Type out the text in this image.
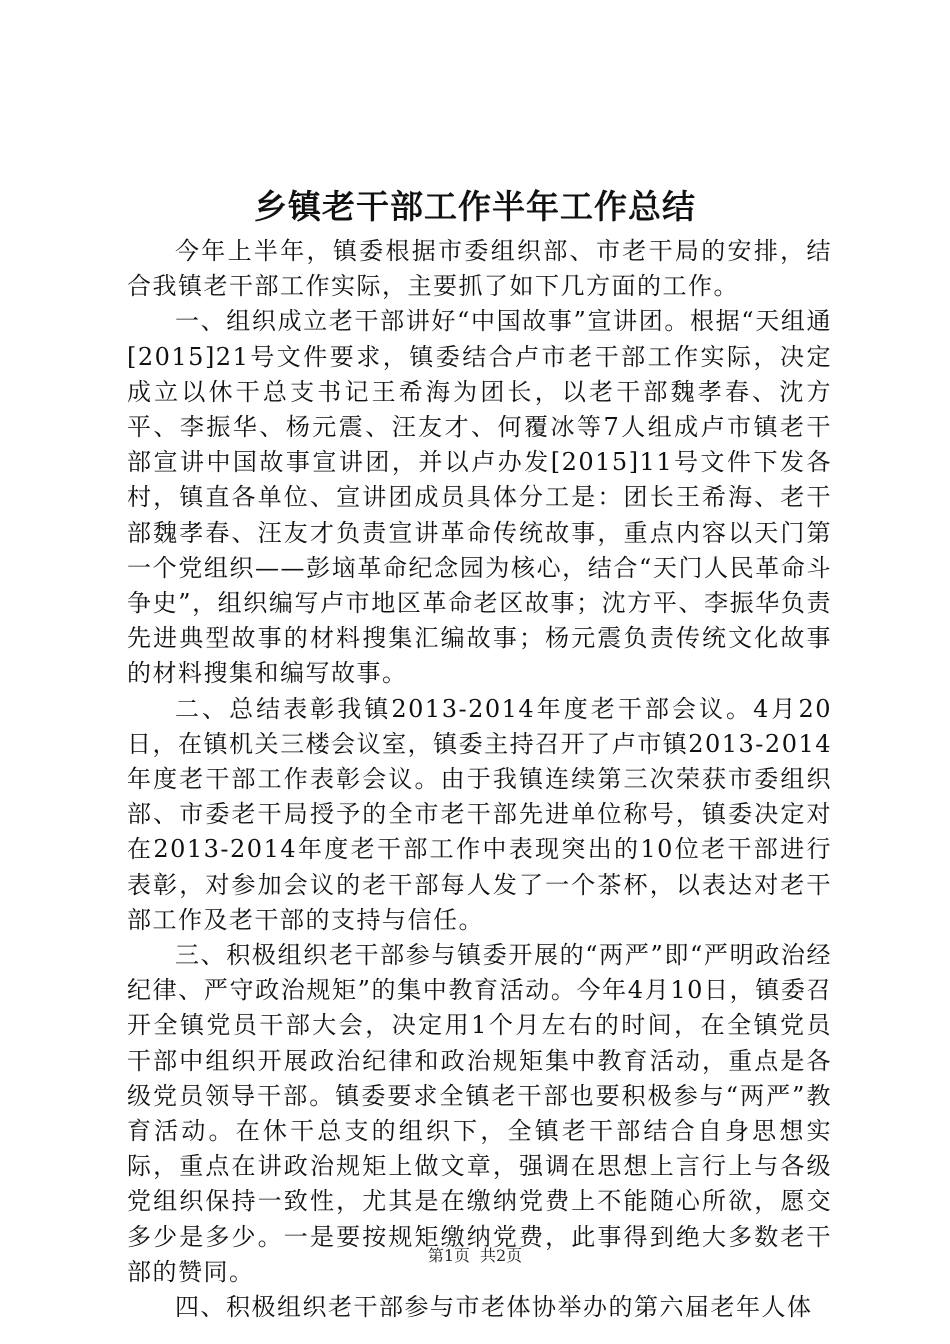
乡镇老干部工作半年工作总结

今年上半年，镇委根据市委组织部、市老干局的安排，结合我镇老干部工作实际，主要抓了如下几方面的工作。

一、组织成立老干部讲好“中国故事”宣讲团。根据“天组通[2015]21号文件要求，镇委结合卢市老干部工作实际，决定成立以休干总支书记王希海为团长，以老干部魏孝春、沈方平、李振华、杨元震、汪友才、何覆冰等7人组成卢市镇老干部宣讲中国故事宣讲团，并以卢办发[2015]11号文件下发各村，镇直各单位、宣讲团成员具体分工是：团长王希海、老干部魏孝春、汪友才负责宣讲革命传统故事，重点内容以天门第一个党组织——彭垴革命纪念园为核心，结合“天门人民革命斗争史”，组织编写卢市地区革命老区故事；沈方平、李振华负责先进典型故事的材料搜集汇编故事；杨元震负责传统文化故事的材料搜集和编写故事。

二、总结表彰我镇2013-2014年度老干部会议。4月20日，在镇机关三楼会议室，镇委主持召开了卢市镇2013-2014年度老干部工作表彰会议。由于我镇连续第三次荣获市委组织部、市委老干局授予的全市老干部先进单位称号，镇委决定对在2013-2014年度老干部工作中表现突出的10位老干部进行表彰，对参加会议的老干部每人发了一个茶杯，以表达对老干部工作及老干部的支持与信任。

三、积极组织老干部参与镇委开展的“两严”即“严明政治经纪律、严守政治规矩”的集中教育活动。今年4月10日，镇委召开全镇党员干部大会，决定用1个月左右的时间，在全镇党员干部中组织开展政治纪律和政治规矩集中教育活动，重点是各级党员领导干部。镇委要求全镇老干部也要积极参与“两严”教育活动。在休干总支的组织下，全镇老干部结合自身思想实际，重点在讲政治规矩上做文章，强调在思想上言行上与各级党组织保持一致性，尤其是在缴纳党费上不能随心所欲，愿交多少是多少。一是要按规矩缴纳党费，此事得到绝大多数老干部的赞同。

四、积极组织老干部参与市老体协举办的第六届老年人体

第1页 共2页
